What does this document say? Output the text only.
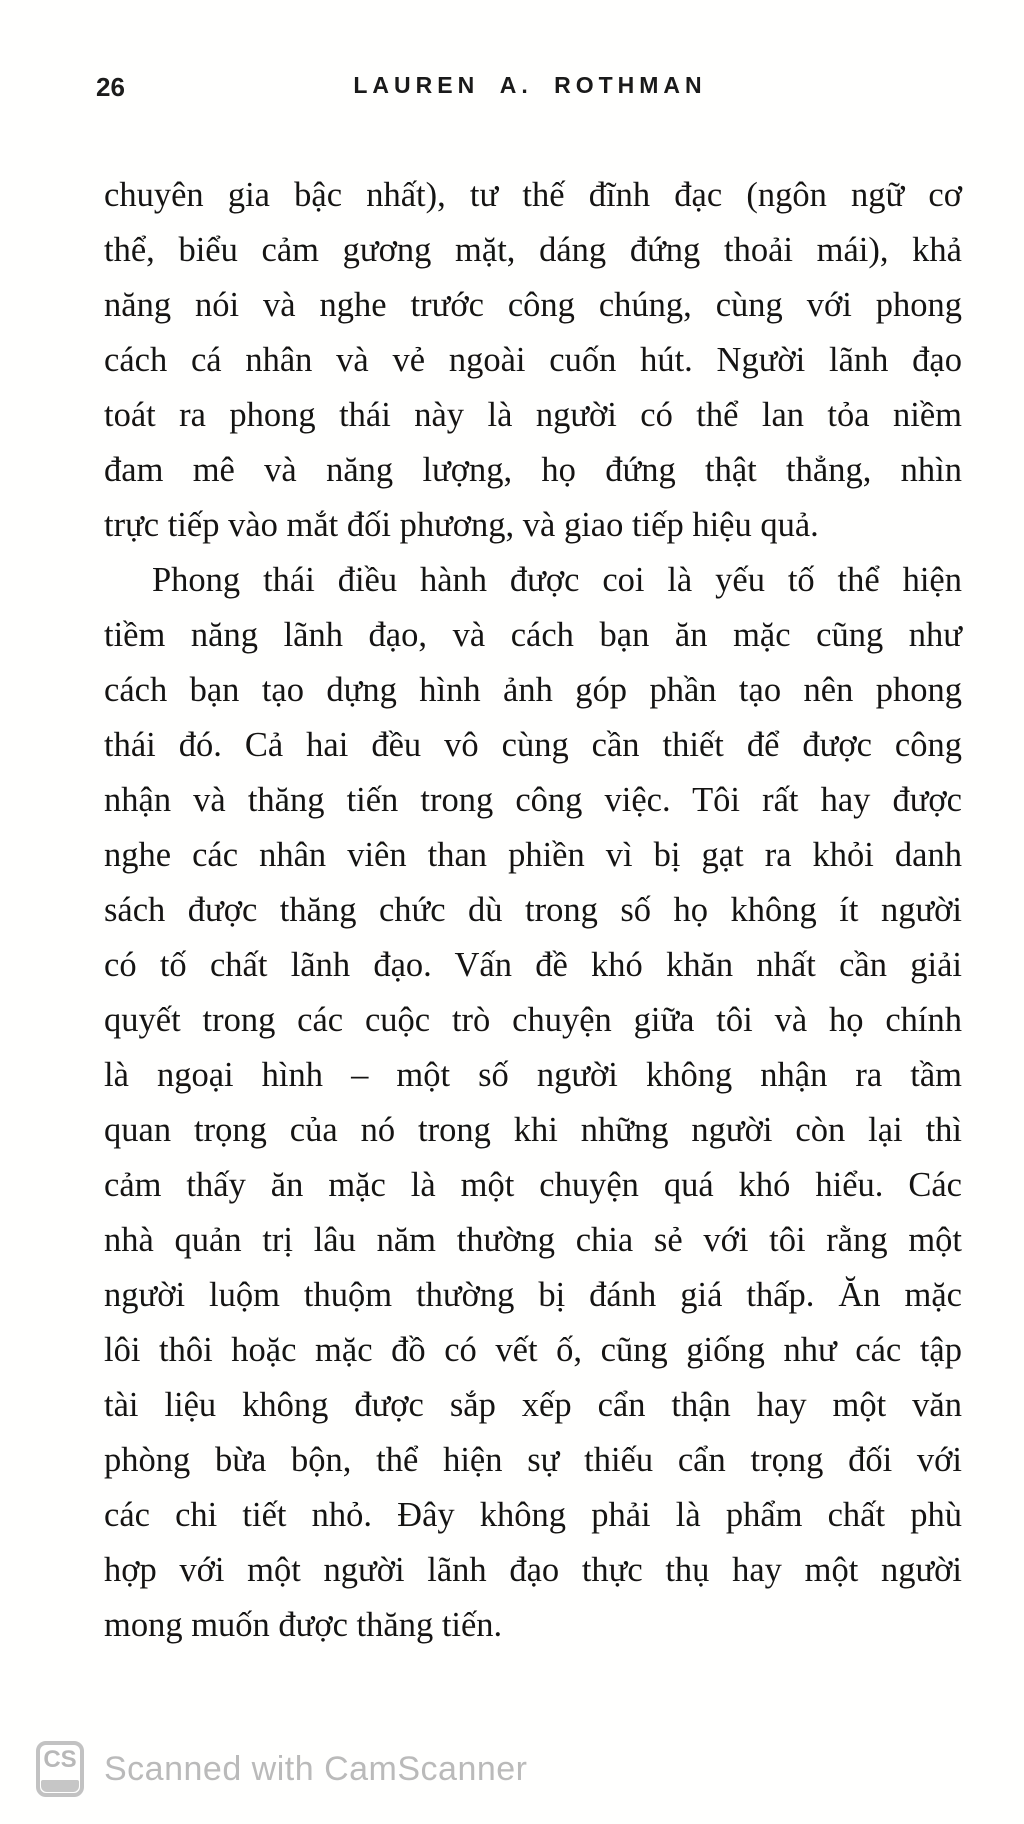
26	LAUREN A. ROTHMAN
chuyên gia bậc nhất), tư thế đĩnh đạc (ngôn ngữ cơ
thể, biểu cảm gương mặt, dáng đứng thoải mái), khả
năng nói và nghe trước công chúng, cùng với phong
cách cá nhân và vẻ ngoài cuốn hút. Người lãnh đạo
toát ra phong thái này là người có thể lan tỏa niềm
đam mê và năng lượng, họ đứng thật thẳng, nhìn
trực tiếp vào mắt đối phương, và giao tiếp hiệu quả.
Phong thái điều hành được coi là yếu tố thể hiện
tiềm năng lãnh đạo, và cách bạn ăn mặc cũng như
cách bạn tạo dựng hình ảnh góp phần tạo nên phong
thái đó. Cả hai đều vô cùng cần thiết để được công
nhận và thăng tiến trong công việc. Tôi rất hay được
nghe các nhân viên than phiền vì bị gạt ra khỏi danh
sách được thăng chức dù trong số họ không ít người
có tố chất lãnh đạo. Vấn đề khó khăn nhất cần giải
quyết trong các cuộc trò chuyện giữa tôi và họ chính
là ngoại hình – một số người không nhận ra tầm
quan trọng của nó trong khi những người còn lại thì
cảm thấy ăn mặc là một chuyện quá khó hiểu. Các
nhà quản trị lâu năm thường chia sẻ với tôi rằng một
người luộm thuộm thường bị đánh giá thấp. Ăn mặc
lôi thôi hoặc mặc đồ có vết ố, cũng giống như các tập
tài liệu không được sắp xếp cẩn thận hay một văn
phòng bừa bộn, thể hiện sự thiếu cẩn trọng đối với
các chi tiết nhỏ. Đây không phải là phẩm chất phù
hợp với một người lãnh đạo thực thụ hay một người
mong muốn được thăng tiến.
CS Scanned with CamScanner
